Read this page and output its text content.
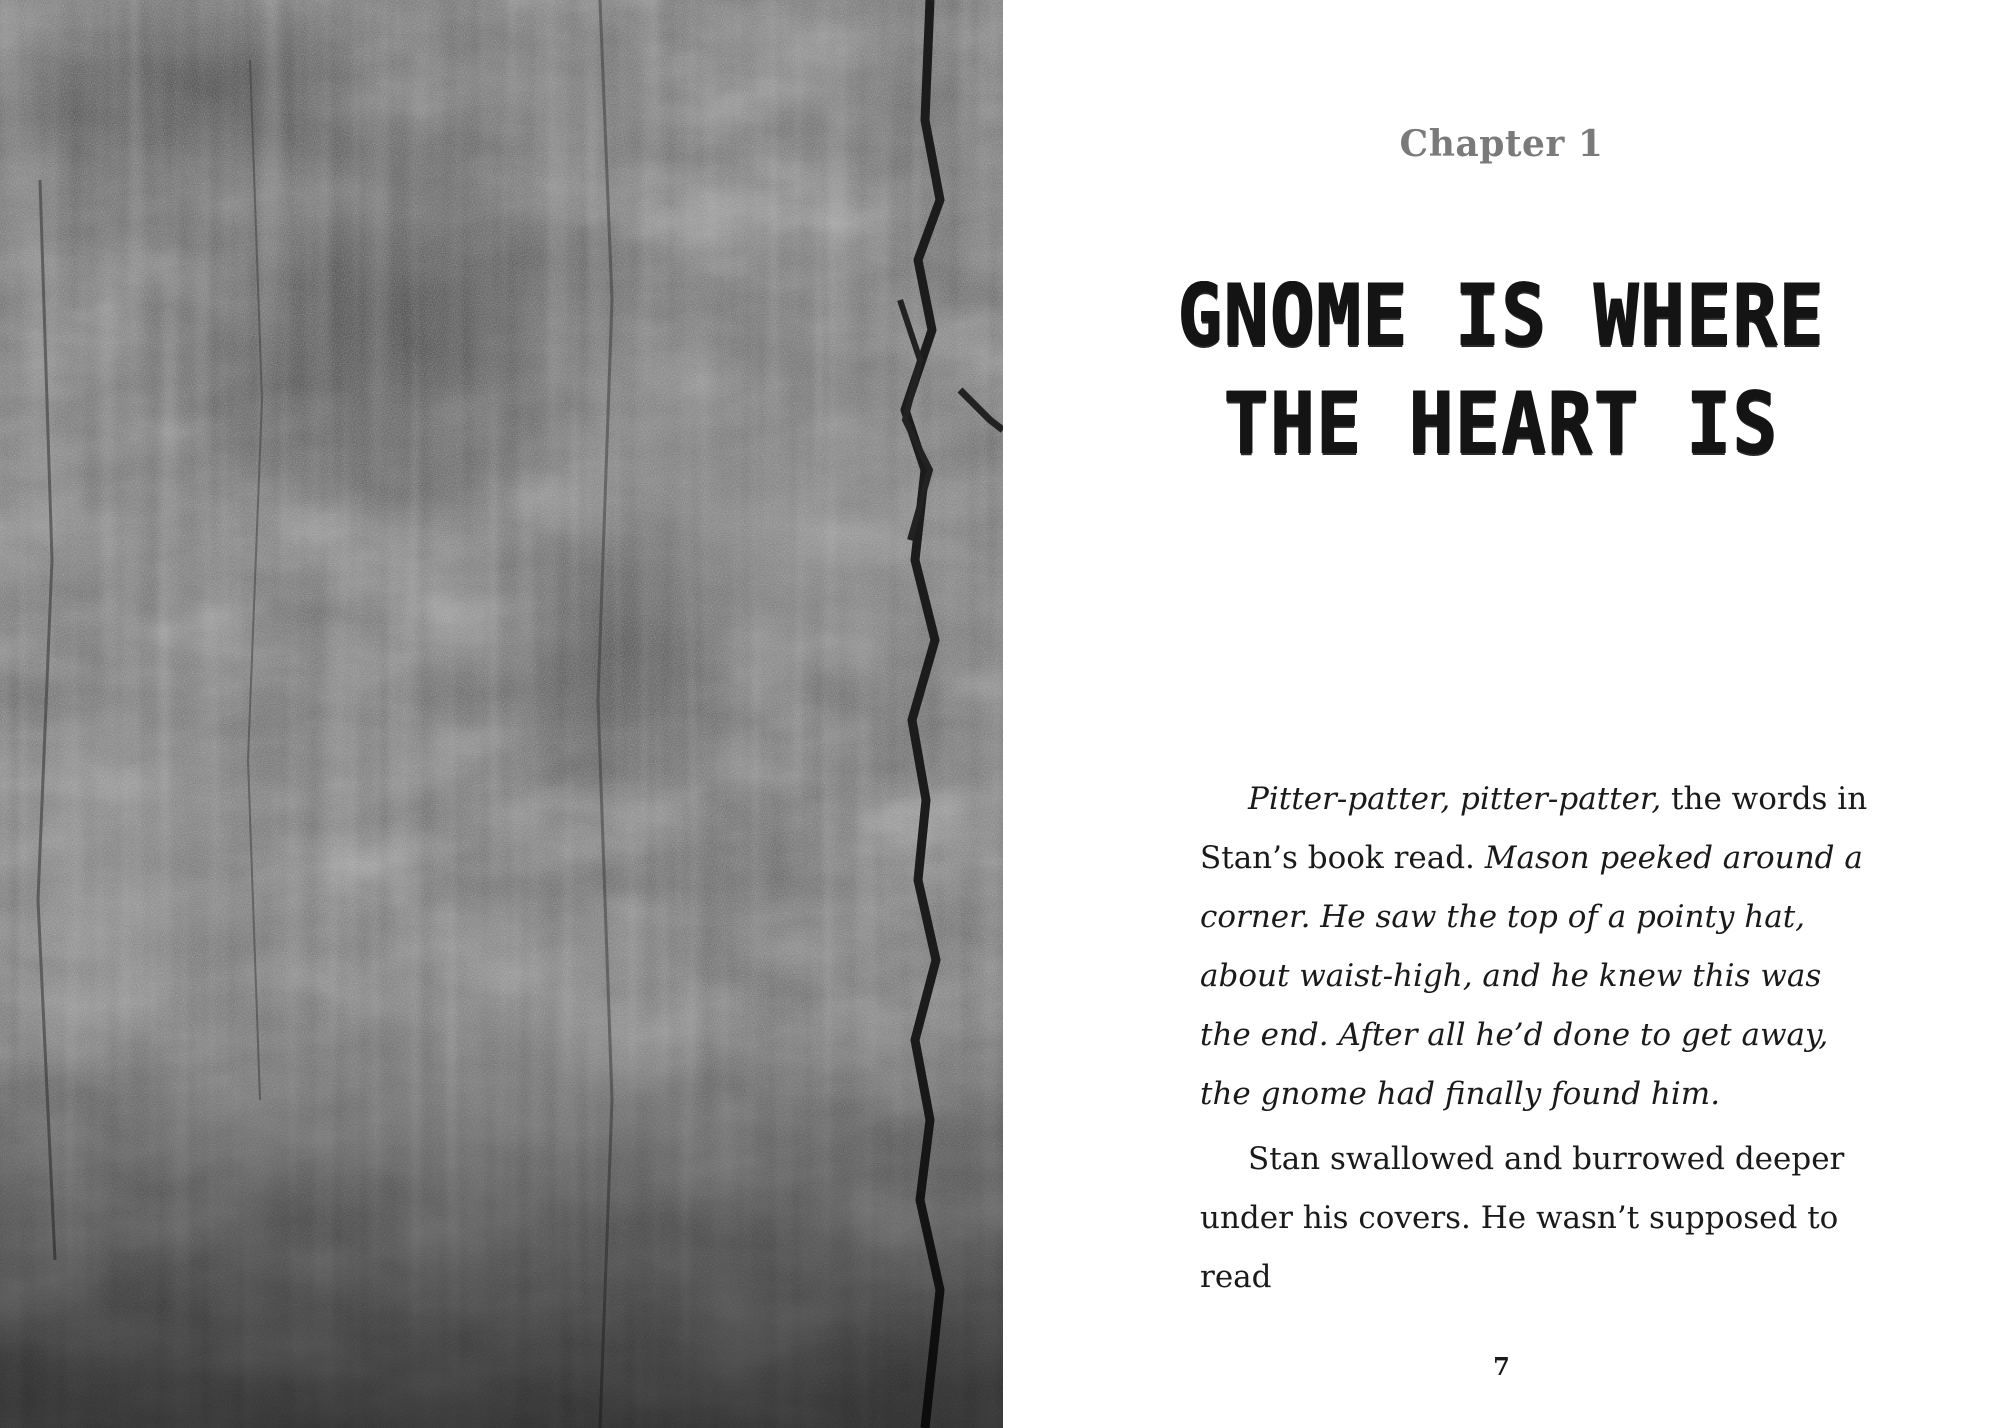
Chapter 1
GNOME IS WHERE
THE HEART IS

Pitter-patter, pitter-patter, the words in Stan’s book read. Mason peeked around a corner. He saw the top of a pointy hat, about waist-high, and he knew this was the end. After all he’d done to get away, the gnome had finally found him.

Stan swallowed and burrowed deeper under his covers. He wasn’t supposed to read

7
